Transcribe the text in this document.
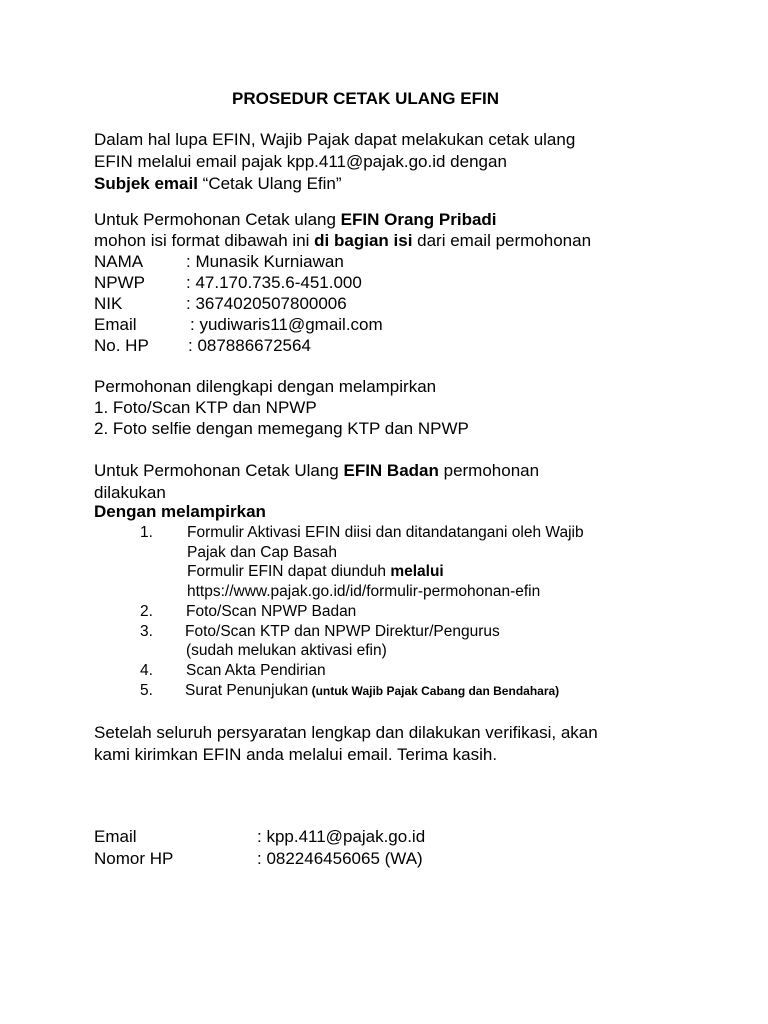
PROSEDUR CETAK ULANG EFIN
Dalam hal lupa EFIN, Wajib Pajak dapat melakukan cetak ulang
EFIN melalui email pajak kpp.411@pajak.go.id dengan
Subjek email “Cetak Ulang Efin”
Untuk Permohonan Cetak ulang EFIN Orang Pribadi
mohon isi format dibawah ini di bagian isi dari email permohonan
NAMA	: Munasik Kurniawan
NPWP : 47.170.735.6-451.000
NIK	: 3674020507800006
Email	: yudiwaris11@gmail.com
No. HP : 087886672564
Permohonan dilengkapi dengan melampirkan
1. Foto/Scan KTP dan NPWP
2. Foto selfie dengan memegang KTP dan NPWP
Untuk Permohonan Cetak Ulang EFIN Badan permohonan
dilakukan
Dengan melampirkan
1. Formulir Aktivasi EFIN diisi dan ditandatangani oleh Wajib
Pajak dan Cap Basah
Formulir EFIN dapat diunduh melalui
https://www.pajak.go.id/id/formulir-permohonan-efin
2. Foto/Scan NPWP Badan
3. Foto/Scan KTP dan NPWP Direktur/Pengurus
(sudah melukan aktivasi efin)
4. Scan Akta Pendirian
5. Surat Penunjukan (untuk Wajib Pajak Cabang dan Bendahara)
Setelah seluruh persyaratan lengkap dan dilakukan verifikasi, akan
kami kirimkan EFIN anda melalui email. Terima kasih.
Email	: kpp.411@pajak.go.id
Nomor HP	: 082246456065 (WA)
